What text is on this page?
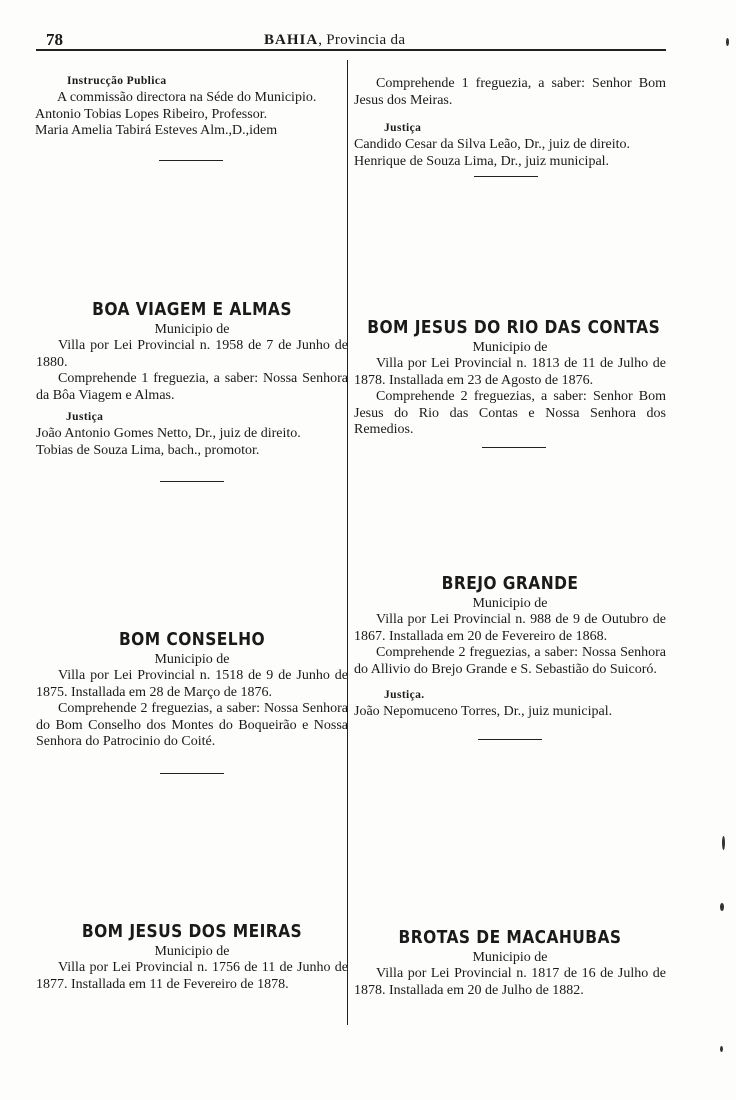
78	BAHIA, Provincia da
Instrucção Publica

A commissão directora na Séde do Municipio.

Antonio Tobias Lopes Ribeiro, Professor.

Maria Amelia Tabirá Esteves Alm.,D.,idem

BOA VIAGEM E ALMAS
Municipio de

Villa por Lei Provincial n. 1958 de 7 de Junho de 1880.

Comprehende 1 freguezia, a saber: Nossa Senhora da Bôa Viagem e Almas.

Justiça

João Antonio Gomes Netto, Dr., juiz de direito.

Tobias de Souza Lima, bach., promotor.

BOM CONSELHO
Municipio de

Villa por Lei Provincial n. 1518 de 9 de Junho de 1875. Installada em 28 de Março de 1876.

Comprehende 2 freguezias, a saber: Nossa Senhora do Bom Conselho dos Montes do Boqueirão e Nossa Senhora do Patrocinio do Coité.

BOM JESUS DOS MEIRAS
Municipio de

Villa por Lei Provincial n. 1756 de 11 de Junho de 1877. Installada em 11 de Fevereiro de 1878.

Comprehende 1 freguezia, a saber: Senhor Bom Jesus dos Meiras.

Justiça

Candido Cesar da Silva Leão, Dr., juiz de direito.

Henrique de Souza Lima, Dr., juiz municipal.

BOM JESUS DO RIO DAS CONTAS
Municipio de

Villa por Lei Provincial n. 1813 de 11 de Julho de 1878. Installada em 23 de Agosto de 1876.

Comprehende 2 freguezias, a saber: Senhor Bom Jesus do Rio das Contas e Nossa Senhora dos Remedios.

BREJO GRANDE
Municipio de

Villa por Lei Provincial n. 988 de 9 de Outubro de 1867. Installada em 20 de Fevereiro de 1868.

Comprehende 2 freguezias, a saber: Nossa Senhora do Allivio do Brejo Grande e S. Sebastião do Suicoró.

Justiça.

João Nepomuceno Torres, Dr., juiz municipal.

BROTAS DE MACAHUBAS
Municipio de

Villa por Lei Provincial n. 1817 de 16 de Julho de 1878. Installada em 20 de Julho de 1882.
